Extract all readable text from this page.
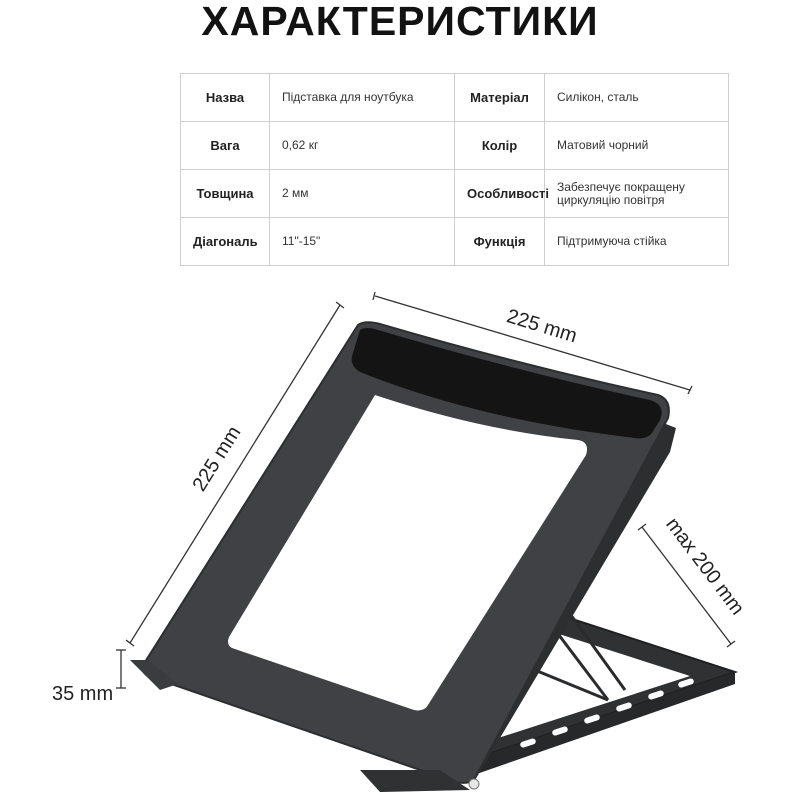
ХАРАКТЕРИСТИКИ
Назва	Підставка для ноутбука	Матеріал	Силікон, сталь
Вага	0,62 кг	Колір	Матовий чорний
Товщина	2 мм	Особливості	Забезпечує покращену циркуляцію повітря
Діагональ	11"-15"	Функція	Підтримуюча стійка
225 mm
225 mm
max 200 mm
35 mm
